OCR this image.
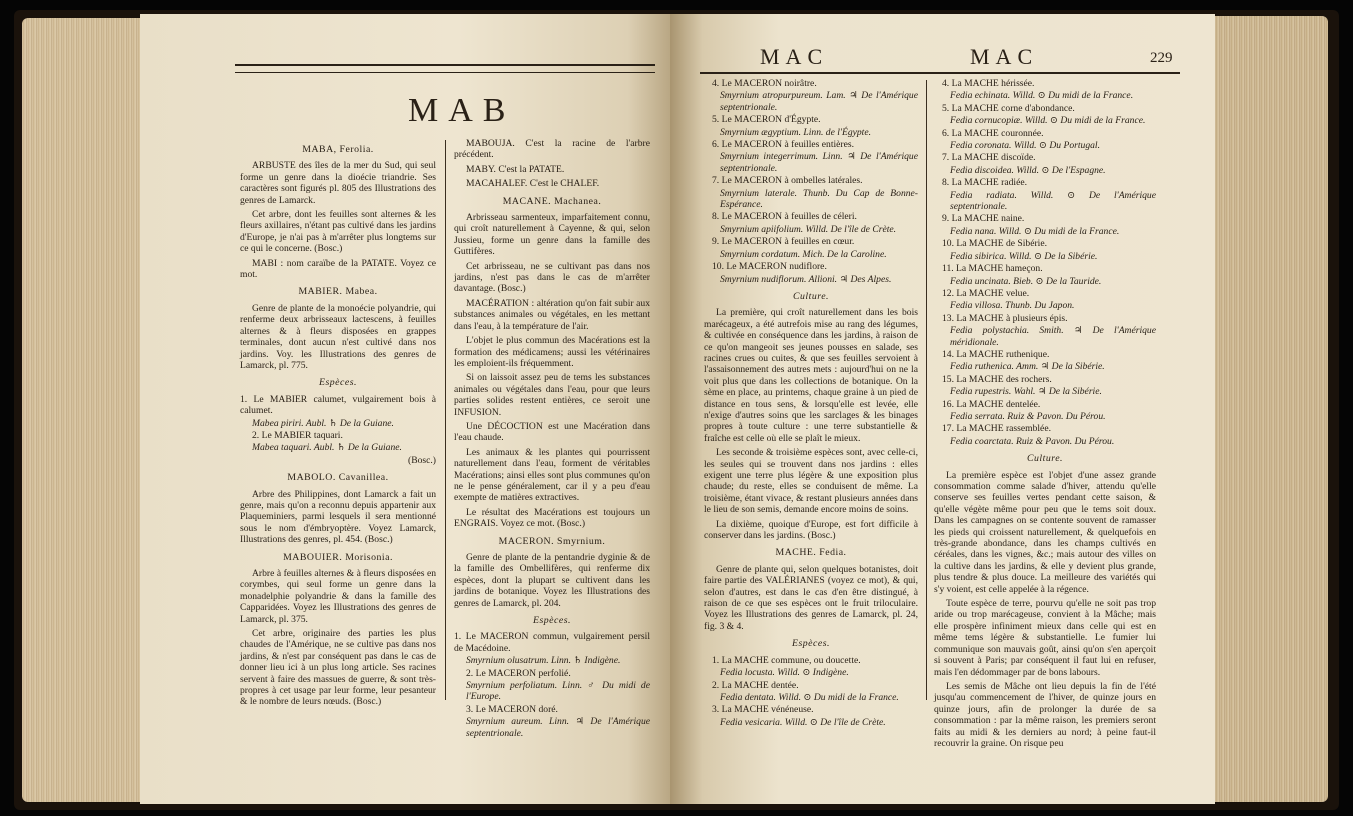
MAB

MABA, Ferolia.

ARBUSTE des îles de la mer du Sud, qui seul forme un genre dans la dioécie triandrie. Ses caractères sont figurés pl. 805 des Illustrations des genres de Lamarck.

Cet arbre, dont les feuilles sont alternes & les fleurs axillaires, n'étant pas cultivé dans les jardins d'Europe, je n'ai pas à m'arrêter plus longtems sur ce qui le concerne. (Bosc.)

MABI : nom caraïbe de la PATATE. Voyez ce mot.

MABIER. Mabea.

Genre de plante de la monoécie polyandrie, qui renferme deux arbrisseaux lactescens, à feuilles alternes & à fleurs disposées en grappes terminales, dont aucun n'est cultivé dans nos jardins. Voy. les Illustrations des genres de Lamarck, pl. 775.

Espèces.

1. Le MABIER calumet, vulgairement bois à calumet.

Mabea piriri. Aubl. ♄ De la Guiane.

2. Le MABIER taquari.

Mabea taquari. Aubl. ♄ De la Guiane.

(Bosc.)

MABOLO. Cavanillea.

Arbre des Philippines, dont Lamarck a fait un genre, mais qu'on a reconnu depuis appartenir aux Plaqueminiers, parmi lesquels il sera mentionné sous le nom d'émbryoptère. Voyez Lamarck, Illustrations des genres, pl. 454. (Bosc.)

MABOUIER. Morisonia.

Arbre à feuilles alternes & à fleurs disposées en corymbes, qui seul forme un genre dans la monadelphie polyandrie & dans la famille des Capparidées. Voyez les Illustrations des genres de Lamarck, pl. 375.

Cet arbre, originaire des parties les plus chaudes de l'Amérique, ne se cultive pas dans nos jardins, & n'est par conséquent pas dans le cas de donner lieu ici à un plus long article. Ses racines servent à faire des massues de guerre, & sont très-propres à cet usage par leur forme, leur pesanteur & le nombre de leurs nœuds. (Bosc.)

MABOUJA. C'est la racine de l'arbre précédent.

MABY. C'est la PATATE.

MACAHALEF. C'est le CHALEF.

MACANE. Machanea.

Arbrisseau sarmenteux, imparfaitement connu, qui croît naturellement à Cayenne, & qui, selon Jussieu, forme un genre dans la famille des Guttifères.

Cet arbrisseau, ne se cultivant pas dans nos jardins, n'est pas dans le cas de m'arrêter davantage. (Bosc.)

MACÉRATION : altération qu'on fait subir aux substances animales ou végétales, en les mettant dans l'eau, à la température de l'air.

L'objet le plus commun des Macérations est la formation des médicamens; aussi les vétérinaires les emploient-ils fréquemment.

Si on laissoit assez peu de tems les substances animales ou végétales dans l'eau, pour que leurs parties solides restent entières, ce seroit une INFUSION.

Une DÉCOCTION est une Macération dans l'eau chaude.

Les animaux & les plantes qui pourrissent naturellement dans l'eau, forment de véritables Macérations; ainsi elles sont plus communes qu'on ne le pense généralement, car il y a peu d'eau exempte de matières extractives.

Le résultat des Macérations est toujours un ENGRAIS. Voyez ce mot. (Bosc.)

MACERON. Smyrnium.

Genre de plante de la pentandrie dyginie & de la famille des Ombellifères, qui renferme dix espèces, dont la plupart se cultivent dans les jardins de botanique. Voyez les Illustrations des genres de Lamarck, pl. 204.

Espèces.

1. Le MACERON commun, vulgairement persil de Macédoine.

Smyrnium olusatrum. Linn. ♄ Indigène.

2. Le MACERON perfolié.

Smyrnium perfoliatum. Linn. ♂ Du midi de l'Europe.

3. Le MACERON doré.

Smyrnium aureum. Linn. ♃ De l'Amérique septentrionale.

MAC	MAC	229

4. Le MACERON noirâtre.

Smyrnium atropurpureum. Lam. ♃ De l'Amérique septentrionale.

5. Le MACERON d'Égypte.

Smyrnium ægyptium. Linn. de l'Égypte.

6. Le MACERON à feuilles entières.

Smyrnium integerrimum. Linn. ♃ De l'Amérique septentrionale.

7. Le MACERON à ombelles latérales.

Smyrnium laterale. Thunb. Du Cap de Bonne-Espérance.

8. Le MACERON à feuilles de céleri.

Smyrnium apiifolium. Willd. De l'île de Crète.

9. Le MACERON à feuilles en cœur.

Smyrnium cordatum. Mich. De la Caroline.

10. Le MACERON nudiflore.

Smyrnium nudiflorum. Allioni. ♃ Des Alpes.

Culture.

La première, qui croît naturellement dans les bois marécageux, a été autrefois mise au rang des légumes, & cultivée en conséquence dans les jardins, à raison de ce qu'on mangeoit ses jeunes pousses en salade, ses racines crues ou cuites, & que ses feuilles servoient à l'assaisonnement des autres mets : aujourd'hui on ne la voit plus que dans les collections de botanique. On la sème en place, au printems, chaque graine à un pied de distance en tous sens, & lorsqu'elle est levée, elle n'exige d'autres soins que les sarclages & les binages propres à toute culture : une terre substantielle & fraîche est celle où elle se plaît le mieux.

Les seconde & troisième espèces sont, avec celle-ci, les seules qui se trouvent dans nos jardins : elles exigent une terre plus légère & une exposition plus chaude; du reste, elles se conduisent de même. La troisième, étant vivace, & restant plusieurs années dans le lieu de son semis, demande encore moins de soins.

La dixième, quoique d'Europe, est fort difficile à conserver dans les jardins. (Bosc.)

MACHE. Fedia.

Genre de plante qui, selon quelques botanistes, doit faire partie des VALÉRIANES (voyez ce mot), & qui, selon d'autres, est dans le cas d'en être distingué, à raison de ce que ses espèces ont le fruit triloculaire. Voyez les Illustrations des genres de Lamarck, pl. 24, fig. 3 & 4.

Espèces.

1. La MACHE commune, ou doucette.

Fedia locusta. Willd. ⊙ Indigène.

2. La MACHE dentée.

Fedia dentata. Willd. ⊙ Du midi de la France.

3. La MACHE vénéneuse.

Fedia vesicaria. Willd. ⊙ De l'île de Crète.

4. La MACHE hérissée.

Fedia echinata. Willd. ⊙ Du midi de la France.

5. La MACHE corne d'abondance.

Fedia cornucopiæ. Willd. ⊙ Du midi de la France.

6. La MACHE couronnée.

Fedia coronata. Willd. ⊙ Du Portugal.

7. La MACHE discoïde.

Fedia discoidea. Willd. ⊙ De l'Espagne.

8. La MACHE radiée.

Fedia radiata. Willd. ⊙ De l'Amérique septentrionale.

9. La MACHE naine.

Fedia nana. Willd. ⊙ Du midi de la France.

10. La MACHE de Sibérie.

Fedia sibirica. Willd. ⊙ De la Sibérie.

11. La MACHE hameçon.

Fedia uncinata. Bieb. ⊙ De la Tauride.

12. La MACHE velue.

Fedia villosa. Thunb. Du Japon.

13. La MACHE à plusieurs épis.

Fedia polystachia. Smith. ♃ De l'Amérique méridionale.

14. La MACHE ruthenique.

Fedia ruthenica. Amm. ♃ De la Sibérie.

15. La MACHE des rochers.

Fedia rupestris. Wahl. ♃ De la Sibérie.

16. La MACHE dentelée.

Fedia serrata. Ruiz & Pavon. Du Pérou.

17. La MACHE rassemblée.

Fedia coarctata. Ruiz & Pavon. Du Pérou.

Culture.

La première espèce est l'objet d'une assez grande consommation comme salade d'hiver, attendu qu'elle conserve ses feuilles vertes pendant cette saison, & qu'elle végète même pour peu que le tems soit doux. Dans les campagnes on se contente souvent de ramasser les pieds qui croissent naturellement, & quelquefois en très-grande abondance, dans les champs cultivés en céréales, dans les vignes, &c.; mais autour des villes on la cultive dans les jardins, & elle y devient plus grande, plus tendre & plus douce. La meilleure des variétés qui s'y voient, est celle appelée à la régence.

Toute espèce de terre, pourvu qu'elle ne soit pas trop aride ou trop marécageuse, convient à la Mâche; mais elle prospère infiniment mieux dans celle qui est en même tems légère & substantielle. Le fumier lui communique son mauvais goût, ainsi qu'on s'en aperçoit si souvent à Paris; par conséquent il faut lui en refuser, mais l'en dédommager par de bons labours.

Les semis de Mâche ont lieu depuis la fin de l'été jusqu'au commencement de l'hiver, de quinze jours en quinze jours, afin de prolonger la durée de sa consommation : par la même raison, les premiers seront faits au midi & les derniers au nord; à peine faut-il recouvrir la graine. On risque peu
